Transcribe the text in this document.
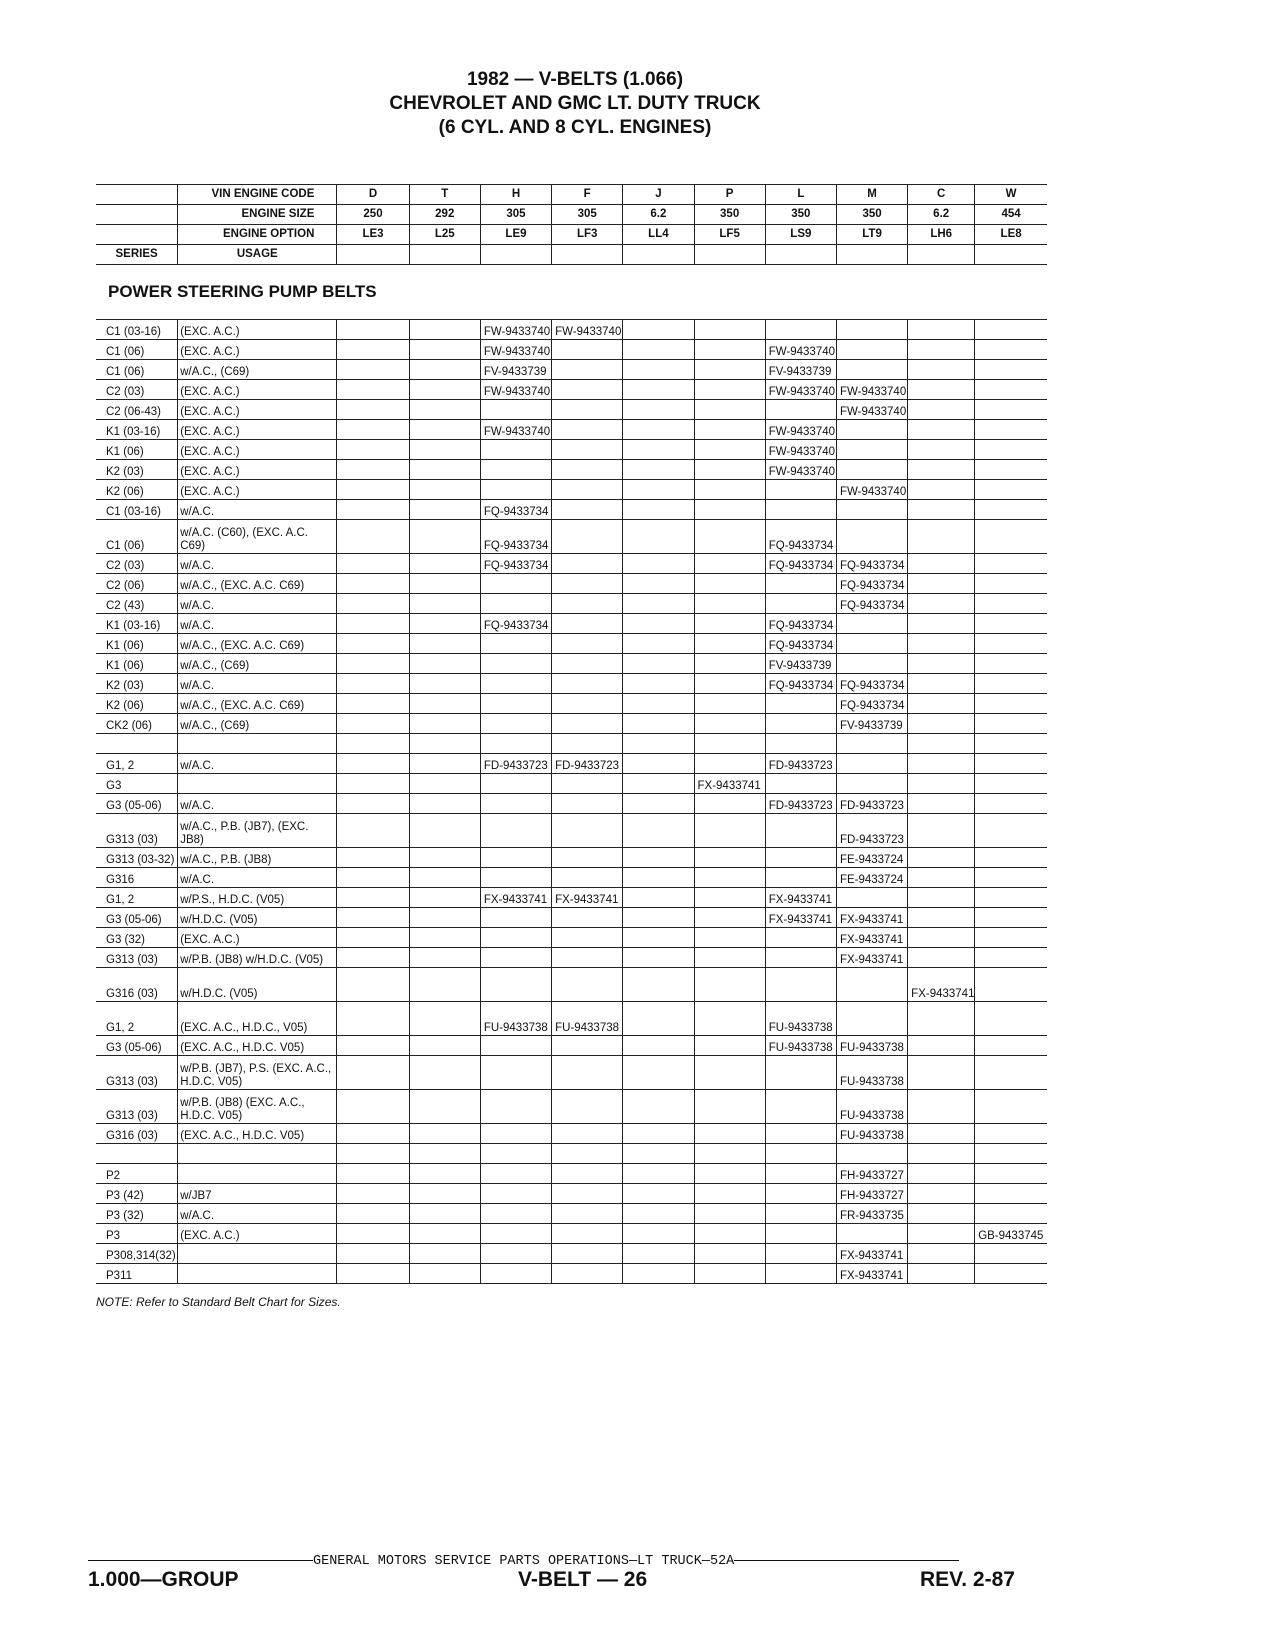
1982 — V-BELTS (1.066)
CHEVROLET AND GMC LT. DUTY TRUCK
(6 CYL. AND 8 CYL. ENGINES)
	VIN ENGINE CODE	D	T	H	F	J	P	L	M	C	W
	ENGINE SIZE	250	292	305	305	6.2	350	350	350	6.2	454
	ENGINE OPTION	LE3	L25	LE9	LF3	LL4	LF5	LS9	LT9	LH6	LE8
SERIES	USAGE										
POWER STEERING PUMP BELTS
C1 (03-16)	(EXC. A.C.)			FW-9433740	FW-9433740						
C1 (06)	(EXC. A.C.)			FW-9433740				FW-9433740			
C1 (06)	w/A.C., (C69)			FV-9433739				FV-9433739			
C2 (03)	(EXC. A.C.)			FW-9433740				FW-9433740	FW-9433740		
C2 (06-43)	(EXC. A.C.)								FW-9433740		
K1 (03-16)	(EXC. A.C.)			FW-9433740				FW-9433740			
K1 (06)	(EXC. A.C.)							FW-9433740			
K2 (03)	(EXC. A.C.)							FW-9433740			
K2 (06)	(EXC. A.C.)								FW-9433740		
C1 (03-16)	w/A.C.			FQ-9433734							
C1 (06)	w/A.C. (C60), (EXC. A.C. C69)			FQ-9433734				FQ-9433734			
C2 (03)	w/A.C.			FQ-9433734				FQ-9433734	FQ-9433734		
C2 (06)	w/A.C., (EXC. A.C. C69)								FQ-9433734		
C2 (43)	w/A.C.								FQ-9433734		
K1 (03-16)	w/A.C.			FQ-9433734				FQ-9433734			
K1 (06)	w/A.C., (EXC. A.C. C69)							FQ-9433734			
K1 (06)	w/A.C., (C69)							FV-9433739			
K2 (03)	w/A.C.							FQ-9433734	FQ-9433734		
K2 (06)	w/A.C., (EXC. A.C. C69)								FQ-9433734		
CK2 (06)	w/A.C., (C69)								FV-9433739		

G1, 2	w/A.C.			FD-9433723	FD-9433723			FD-9433723			
G3							FX-9433741				
G3 (05-06)	w/A.C.							FD-9433723	FD-9433723		
G313 (03)	w/A.C., P.B. (JB7), (EXC. JB8)								FD-9433723		
G313 (03-32)	w/A.C., P.B. (JB8)								FE-9433724		
G316	w/A.C.								FE-9433724		
G1, 2	w/P.S., H.D.C. (V05)			FX-9433741	FX-9433741			FX-9433741			
G3 (05-06)	w/H.D.C. (V05)							FX-9433741	FX-9433741		
G3 (32)	(EXC. A.C.)								FX-9433741		
G313 (03)	w/P.B. (JB8) w/H.D.C. (V05)								FX-9433741		
G316 (03)	w/H.D.C. (V05)									FX-9433741	
G1, 2	(EXC. A.C., H.D.C., V05)			FU-9433738	FU-9433738			FU-9433738			
G3 (05-06)	(EXC. A.C., H.D.C. V05)							FU-9433738	FU-9433738		
G313 (03)	w/P.B. (JB7), P.S. (EXC. A.C., H.D.C. V05)								FU-9433738		
G313 (03)	w/P.B. (JB8) (EXC. A.C., H.D.C. V05)								FU-9433738		
G316 (03)	(EXC. A.C., H.D.C. V05)								FU-9433738		

P2									FH-9433727		
P3 (42)	w/JB7								FH-9433727		
P3 (32)	w/A.C.								FR-9433735		
P3	(EXC. A.C.)										GB-9433745
P308,314(32)									FX-9433741		
P311									FX-9433741		
NOTE: Refer to Standard Belt Chart for Sizes.
GENERAL MOTORS SERVICE PARTS OPERATIONS—LT TRUCK—52A
1.000—GROUP	V-BELT — 26	REV. 2-87
